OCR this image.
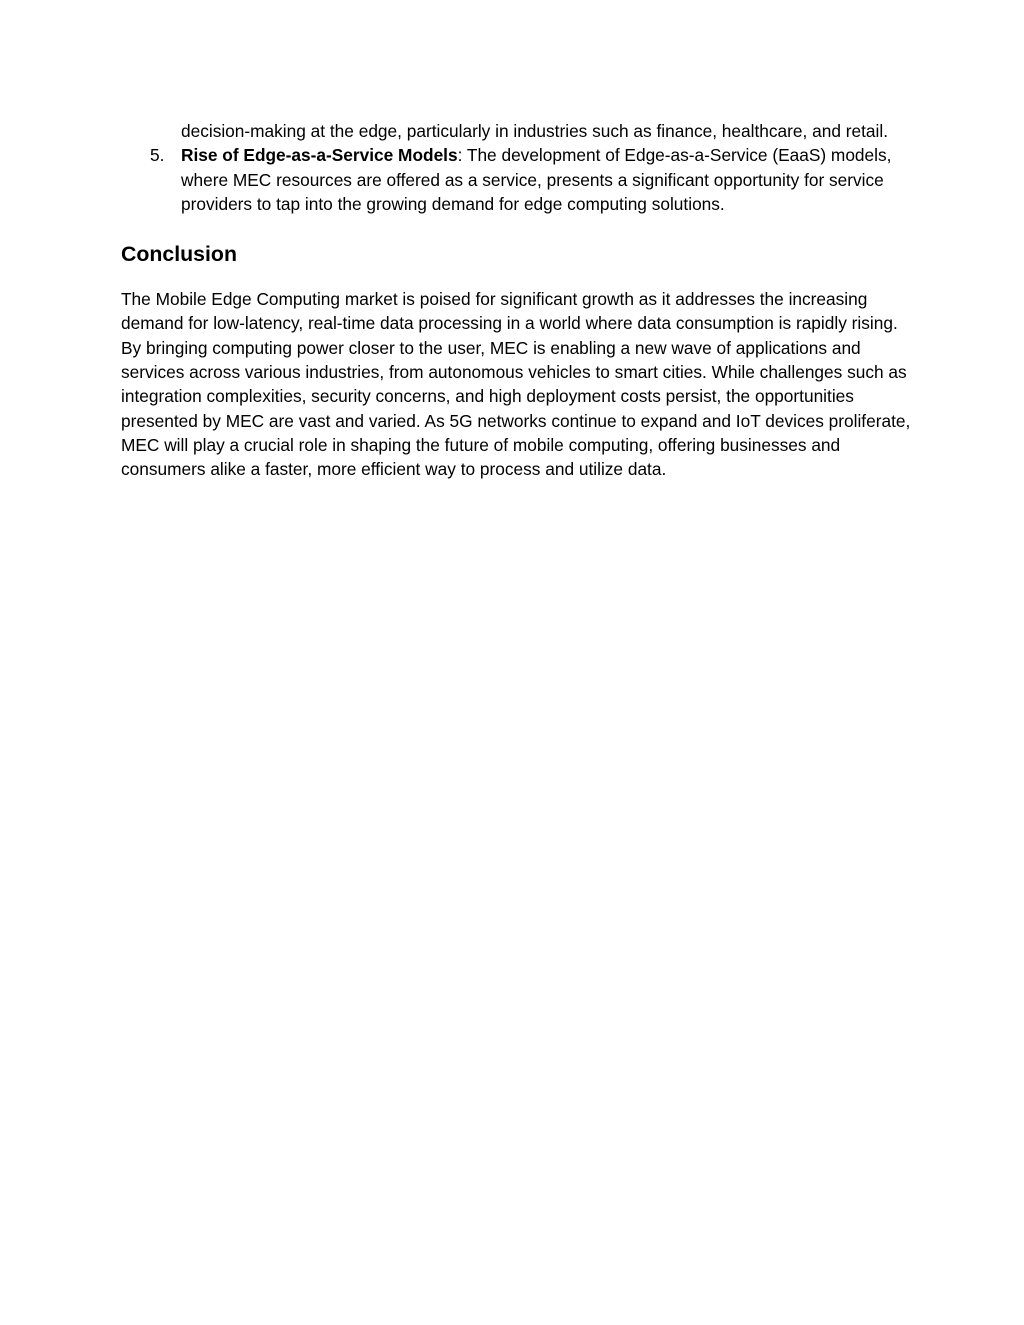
decision-making at the edge, particularly in industries such as finance, healthcare, and retail.

5. Rise of Edge-as-a-Service Models: The development of Edge-as-a-Service (EaaS) models, where MEC resources are offered as a service, presents a significant opportunity for service providers to tap into the growing demand for edge computing solutions.

Conclusion

The Mobile Edge Computing market is poised for significant growth as it addresses the increasing demand for low-latency, real-time data processing in a world where data consumption is rapidly rising. By bringing computing power closer to the user, MEC is enabling a new wave of applications and services across various industries, from autonomous vehicles to smart cities. While challenges such as integration complexities, security concerns, and high deployment costs persist, the opportunities presented by MEC are vast and varied. As 5G networks continue to expand and IoT devices proliferate, MEC will play a crucial role in shaping the future of mobile computing, offering businesses and consumers alike a faster, more efficient way to process and utilize data.
